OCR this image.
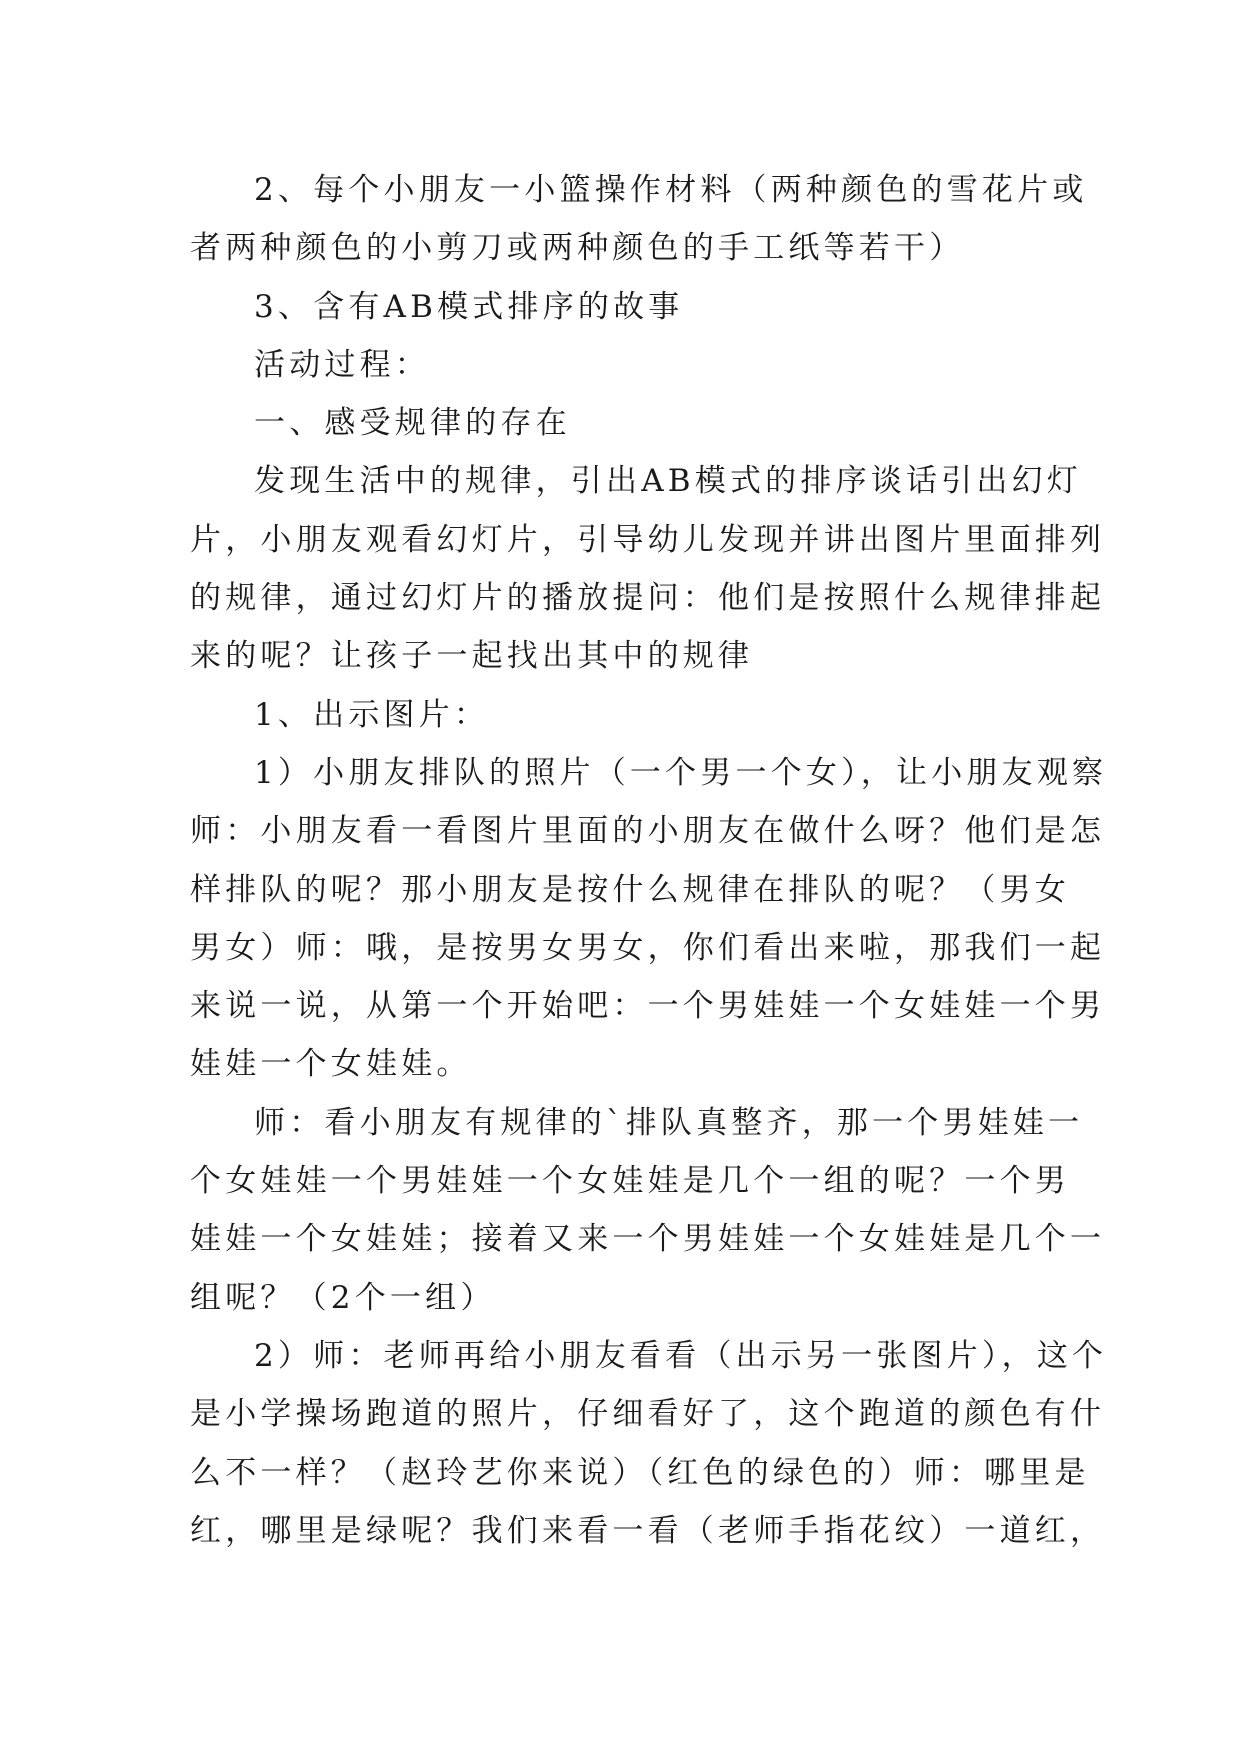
2、每个小朋友一小篮操作材料（两种颜色的雪花片或
者两种颜色的小剪刀或两种颜色的手工纸等若干）
3、含有AB模式排序的故事
活动过程：
一、感受规律的存在
发现生活中的规律，引出AB模式的排序谈话引出幻灯
片，小朋友观看幻灯片，引导幼儿发现并讲出图片里面排列
的规律，通过幻灯片的播放提问：他们是按照什么规律排起
来的呢？让孩子一起找出其中的规律
1、出示图片：
1）小朋友排队的照片（一个男一个女），让小朋友观察
师：小朋友看一看图片里面的小朋友在做什么呀？他们是怎
样排队的呢？那小朋友是按什么规律在排队的呢？（男女
男女）师：哦，是按男女男女，你们看出来啦，那我们一起
来说一说，从第一个开始吧：一个男娃娃一个女娃娃一个男
娃娃一个女娃娃。
师：看小朋友有规律的`排队真整齐，那一个男娃娃一
个女娃娃一个男娃娃一个女娃娃是几个一组的呢？一个男
娃娃一个女娃娃；接着又来一个男娃娃一个女娃娃是几个一
组呢？（2个一组）
2）师：老师再给小朋友看看（出示另一张图片），这个
是小学操场跑道的照片，仔细看好了，这个跑道的颜色有什
么不一样？（赵玲艺你来说）（红色的绿色的）师：哪里是
红，哪里是绿呢？我们来看一看（老师手指花纹）一道红，
